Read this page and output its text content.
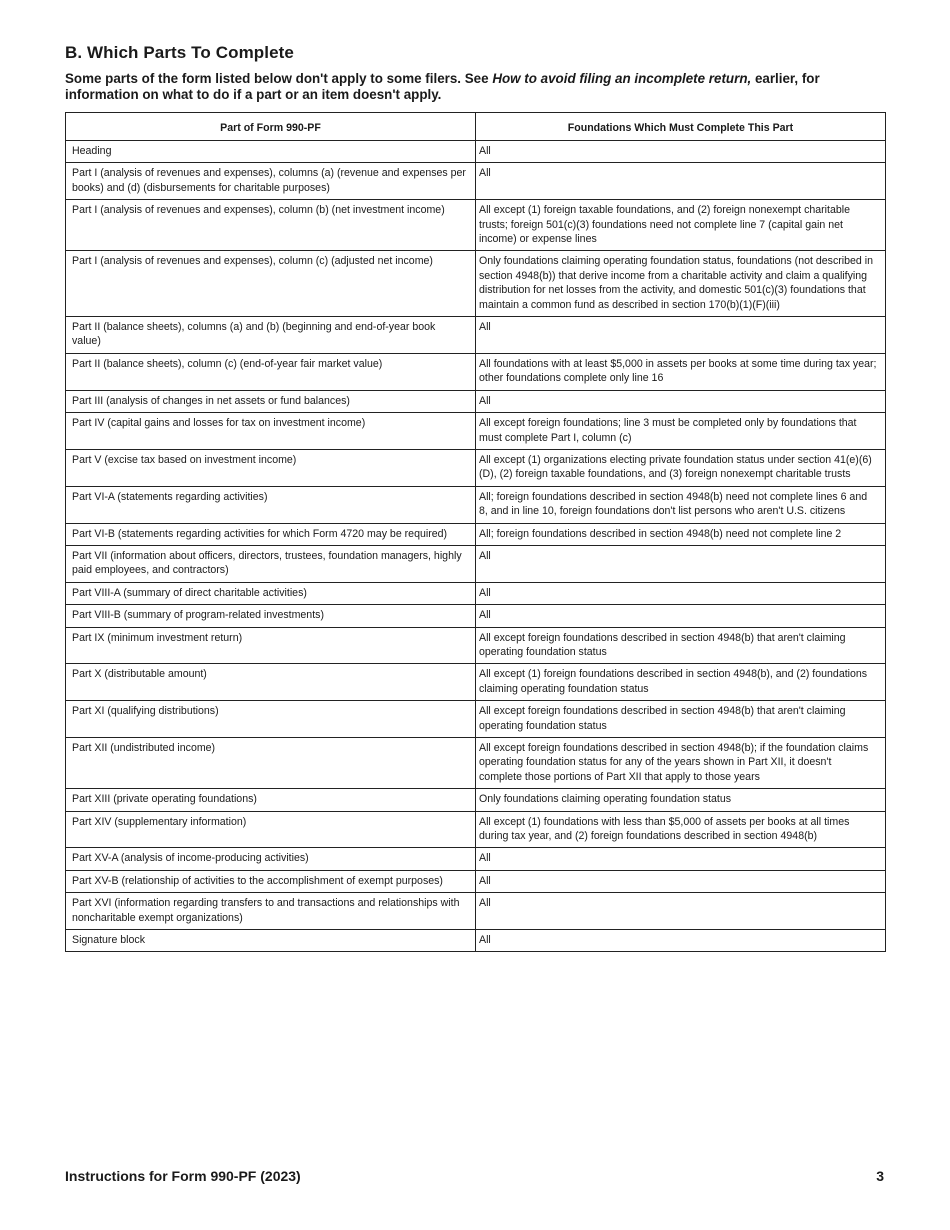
B. Which Parts To Complete

Some parts of the form listed below don't apply to some filers. See How to avoid filing an incomplete return, earlier, for information on what to do if a part or an item doesn't apply.

Part of Form 990-PF	Foundations Which Must Complete This Part
Heading	All
Part I (analysis of revenues and expenses), columns (a) (revenue and expenses per books) and (d) (disbursements for charitable purposes)	All
Part I (analysis of revenues and expenses), column (b) (net investment income)	All except (1) foreign taxable foundations, and (2) foreign nonexempt charitable trusts; foreign 501(c)(3) foundations need not complete line 7 (capital gain net income) or expense lines
Part I (analysis of revenues and expenses), column (c) (adjusted net income)	Only foundations claiming operating foundation status, foundations (not described in section 4948(b)) that derive income from a charitable activity and claim a qualifying distribution for net losses from the activity, and domestic 501(c)(3) foundations that maintain a common fund as described in section 170(b)(1)(F)(iii)
Part II (balance sheets), columns (a) and (b) (beginning and end-of-year book value)	All
Part II (balance sheets), column (c) (end-of-year fair market value)	All foundations with at least $5,000 in assets per books at some time during tax year; other foundations complete only line 16
Part III (analysis of changes in net assets or fund balances)	All
Part IV (capital gains and losses for tax on investment income)	All except foreign foundations; line 3 must be completed only by foundations that must complete Part I, column (c)
Part V (excise tax based on investment income)	All except (1) organizations electing private foundation status under section 41(e)(6)(D), (2) foreign taxable foundations, and (3) foreign nonexempt charitable trusts
Part VI-A (statements regarding activities)	All; foreign foundations described in section 4948(b) need not complete lines 6 and 8, and in line 10, foreign foundations don't list persons who aren't U.S. citizens
Part VI-B (statements regarding activities for which Form 4720 may be required)	All; foreign foundations described in section 4948(b) need not complete line 2
Part VII (information about officers, directors, trustees, foundation managers, highly paid employees, and contractors)	All
Part VIII-A (summary of direct charitable activities)	All
Part VIII-B (summary of program-related investments)	All
Part IX (minimum investment return)	All except foreign foundations described in section 4948(b) that aren't claiming operating foundation status
Part X (distributable amount)	All except (1) foreign foundations described in section 4948(b), and (2) foundations claiming operating foundation status
Part XI (qualifying distributions)	All except foreign foundations described in section 4948(b) that aren't claiming operating foundation status
Part XII (undistributed income)	All except foreign foundations described in section 4948(b); if the foundation claims operating foundation status for any of the years shown in Part XII, it doesn't complete those portions of Part XII that apply to those years
Part XIII (private operating foundations)	Only foundations claiming operating foundation status
Part XIV (supplementary information)	All except (1) foundations with less than $5,000 of assets per books at all times during tax year, and (2) foreign foundations described in section 4948(b)
Part XV-A (analysis of income-producing activities)	All
Part XV-B (relationship of activities to the accomplishment of exempt purposes)	All
Part XVI (information regarding transfers to and transactions and relationships with noncharitable exempt organizations)	All
Signature block	All
Instructions for Form 990-PF (2023)	3
